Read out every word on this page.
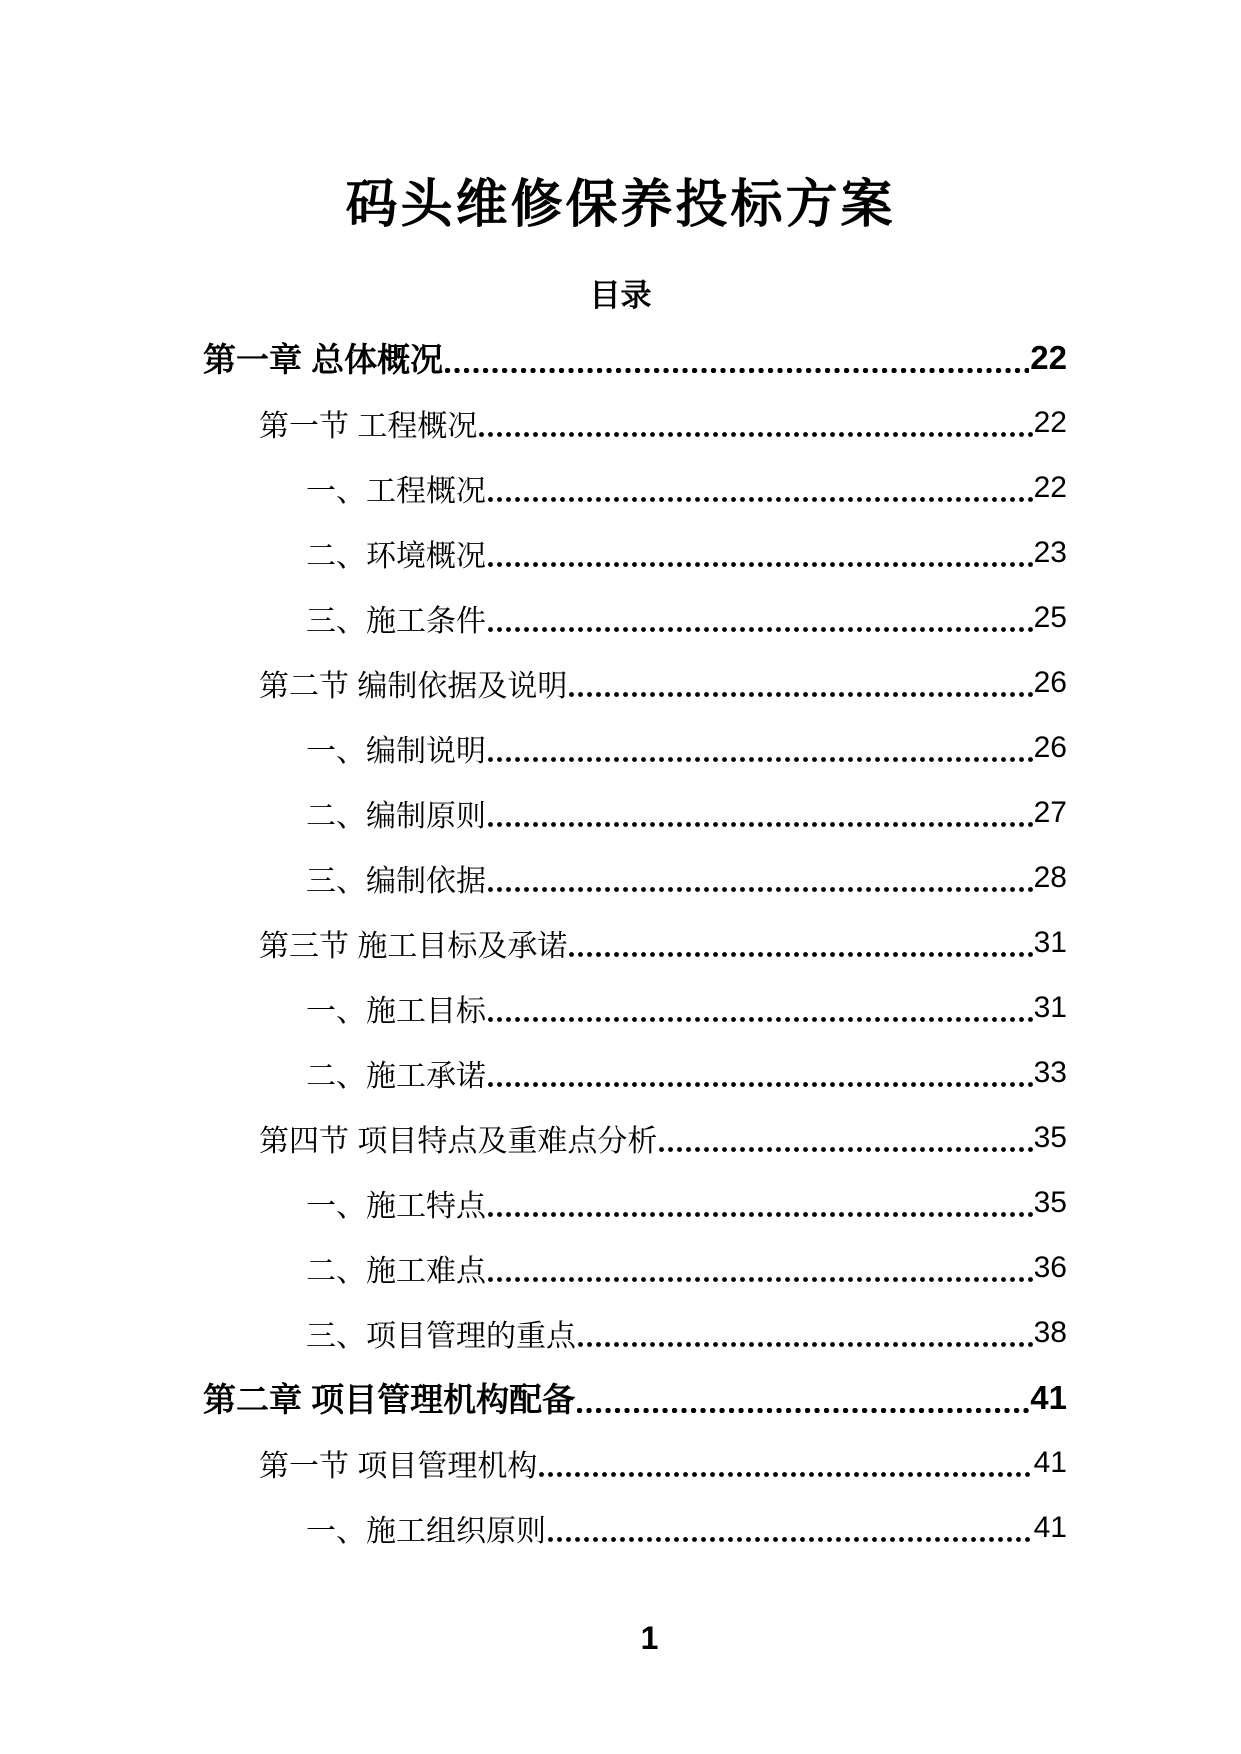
码头维修保养投标方案
目录
第一章 总体概况	22
第一节 工程概况	22
一、工程概况	22
二、环境概况	23
三、施工条件	25
第二节 编制依据及说明	26
一、编制说明	26
二、编制原则	27
三、编制依据	28
第三节 施工目标及承诺	31
一、施工目标	31
二、施工承诺	33
第四节 项目特点及重难点分析	35
一、施工特点	35
二、施工难点	36
三、项目管理的重点	38
第二章 项目管理机构配备	41
第一节 项目管理机构	41
一、施工组织原则	41
1
